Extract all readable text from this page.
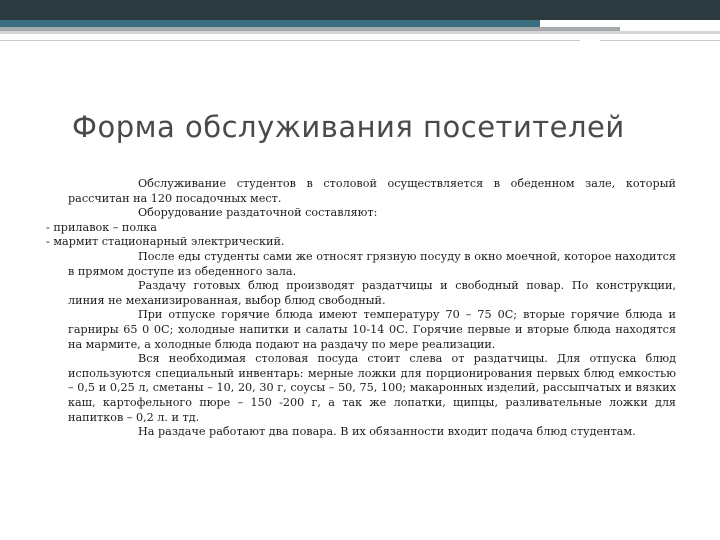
Форма обслуживания посетителей

Обслуживание студентов в столовой осуществляется в обеденном зале, который рассчитан на 120 посадочных мест.

Оборудование раздаточной составляют:

- прилавок – полка

- мармит стационарный электрический.

После еды студенты сами же относят грязную посуду в окно моечной, которое находится в прямом доступе из обеденного зала.

Раздачу готовых блюд производят раздатчицы и свободный повар. По конструкции, линия не механизированная, выбор блюд свободный.

При отпуске горячие блюда имеют температуру 70 – 75 0С; вторые горячие блюда и гарниры 65 0 0С; холодные напитки и салаты 10-14 0С. Горячие первые и вторые блюда находятся на мармите, а холодные блюда подают на раздачу по мере реализации.

Вся необходимая столовая посуда стоит слева от раздатчицы. Для отпуска блюд используются специальный инвентарь: мерные ложки для порционирования первых блюд емкостью – 0,5 и 0,25 л, сметаны – 10, 20, 30 г, соусы – 50, 75, 100; макаронных изделий, рассыпчатых и вязких каш, картофельного пюре – 150 -200 г, а так же лопатки, щипцы, разливательные ложки для напитков – 0,2 л. и тд.

На раздаче работают два повара. В их обязанности входит подача блюд студентам.
